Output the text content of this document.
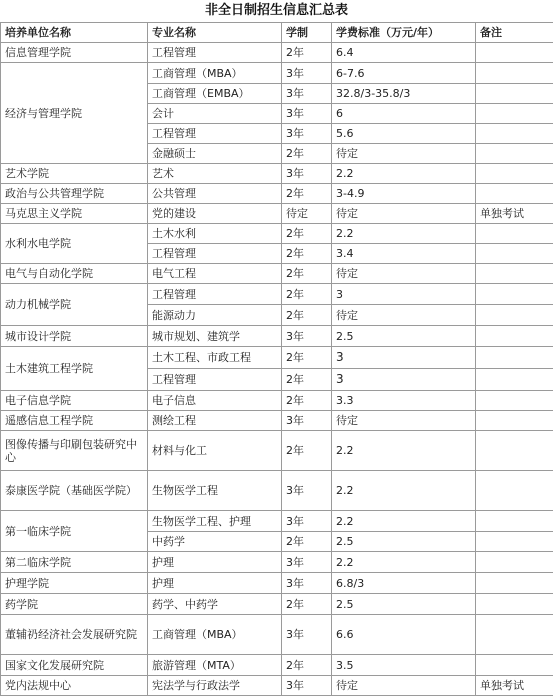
非全日制招生信息汇总表
培养单位名称	专业名称	学制	学费标准（万元/年）	备注
信息管理学院	工程管理	2年	6.4	
经济与管理学院	工商管理（MBA）	3年	6-7.6	
	工商管理（EMBA）	3年	32.8/3-35.8/3	
	会计	3年	6	
	工程管理	3年	5.6	
	金融硕士	2年	待定	
艺术学院	艺术	3年	2.2	
政治与公共管理学院	公共管理	2年	3-4.9	
马克思主义学院	党的建设	待定	待定	单独考试
水利水电学院	土木水利	2年	2.2	
	工程管理	2年	3.4	
电气与自动化学院	电气工程	2年	待定	
动力机械学院	工程管理	2年	3	
	能源动力	2年	待定	
城市设计学院	城市规划、建筑学	3年	2.5	
土木建筑工程学院	土木工程、市政工程	2年	3	
	工程管理	2年	3	
电子信息学院	电子信息	2年	3.3	
遥感信息工程学院	测绘工程	3年	待定	
图像传播与印刷包装研究中心	材料与化工	2年	2.2	
泰康医学院（基础医学院）	生物医学工程	3年	2.2	
第一临床学院	生物医学工程、护理	3年	2.2	
	中药学	2年	2.5	
第二临床学院	护理	3年	2.2	
护理学院	护理	3年	6.8/3	
药学院	药学、中药学	2年	2.5	
董辅礽经济社会发展研究院	工商管理（MBA）	3年	6.6	
国家文化发展研究院	旅游管理（MTA）	2年	3.5	
党内法规中心	宪法学与行政法学	3年	待定	单独考试
